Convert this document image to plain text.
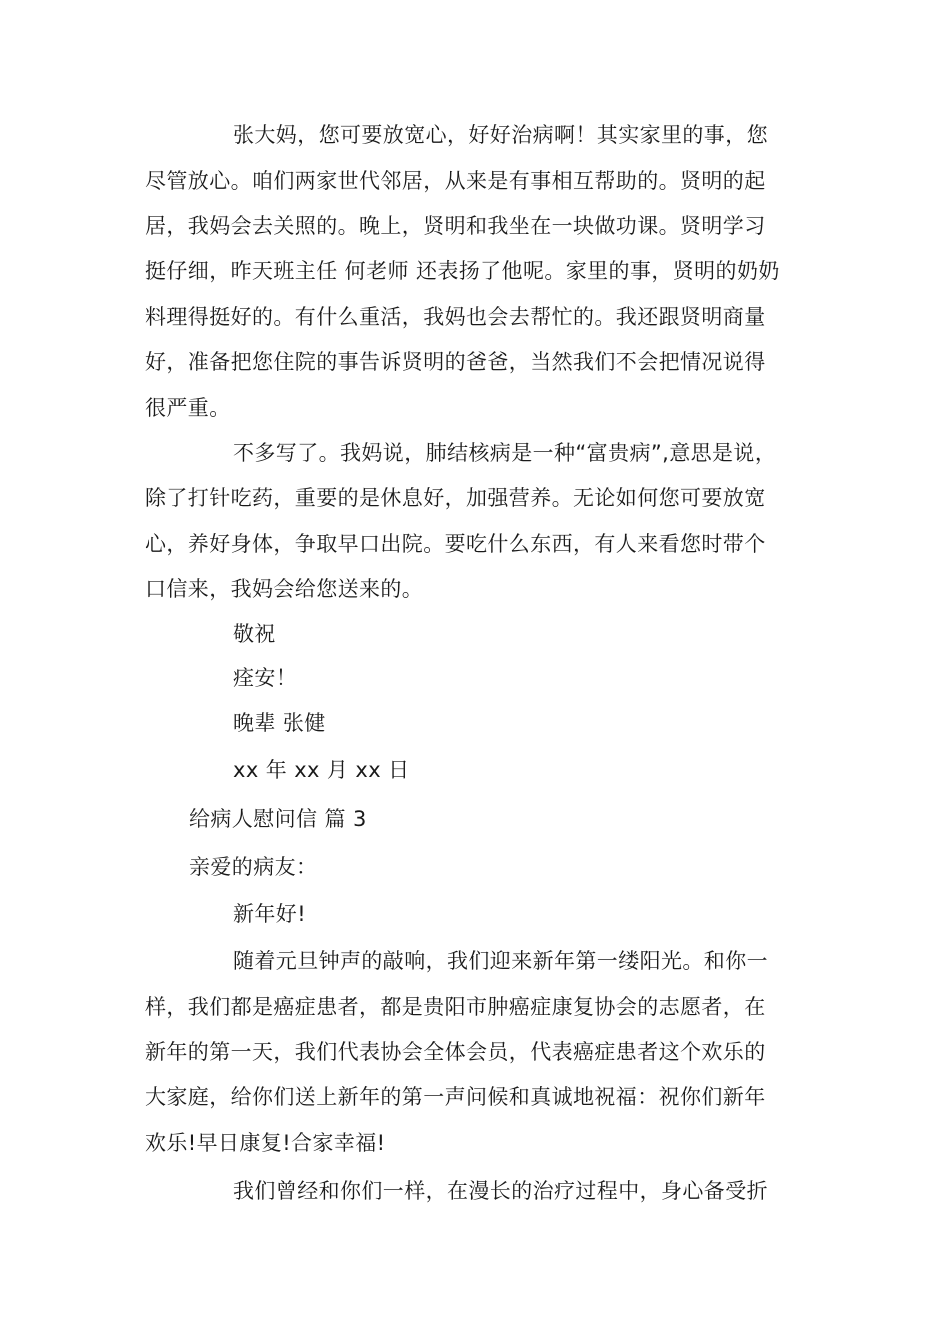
张大妈，您可要放宽心，好好治病啊！其实家里的事，您
尽管放心。咱们两家世代邻居，从来是有事相互帮助的。贤明的起
居，我妈会去关照的。晚上，贤明和我坐在一块做功课。贤明学习
挺仔细，昨天班主任 何老师 还表扬了他呢。家里的事，贤明的奶奶
料理得挺好的。有什么重活，我妈也会去帮忙的。我还跟贤明商量
好，准备把您住院的事告诉贤明的爸爸，当然我们不会把情况说得
很严重。
不多写了。我妈说，肺结核病是一种“富贵病”,意思是说，
除了打针吃药，重要的是休息好，加强营养。无论如何您可要放宽
心，养好身体，争取早口出院。要吃什么东西，有人来看您时带个
口信来，我妈会给您送来的。
敬祝
痊安！
晚辈 张健
xx 年 xx 月 xx 日
给病人慰问信 篇 3
亲爱的病友：
新年好!
随着元旦钟声的敲响，我们迎来新年第一缕阳光。和你一
样，我们都是癌症患者，都是贵阳市肿癌症康复协会的志愿者，在
新年的第一天，我们代表协会全体会员，代表癌症患者这个欢乐的
大家庭，给你们送上新年的第一声问候和真诚地祝福：祝你们新年
欢乐!早日康复!合家幸福!
我们曾经和你们一样，在漫长的治疗过程中，身心备受折
